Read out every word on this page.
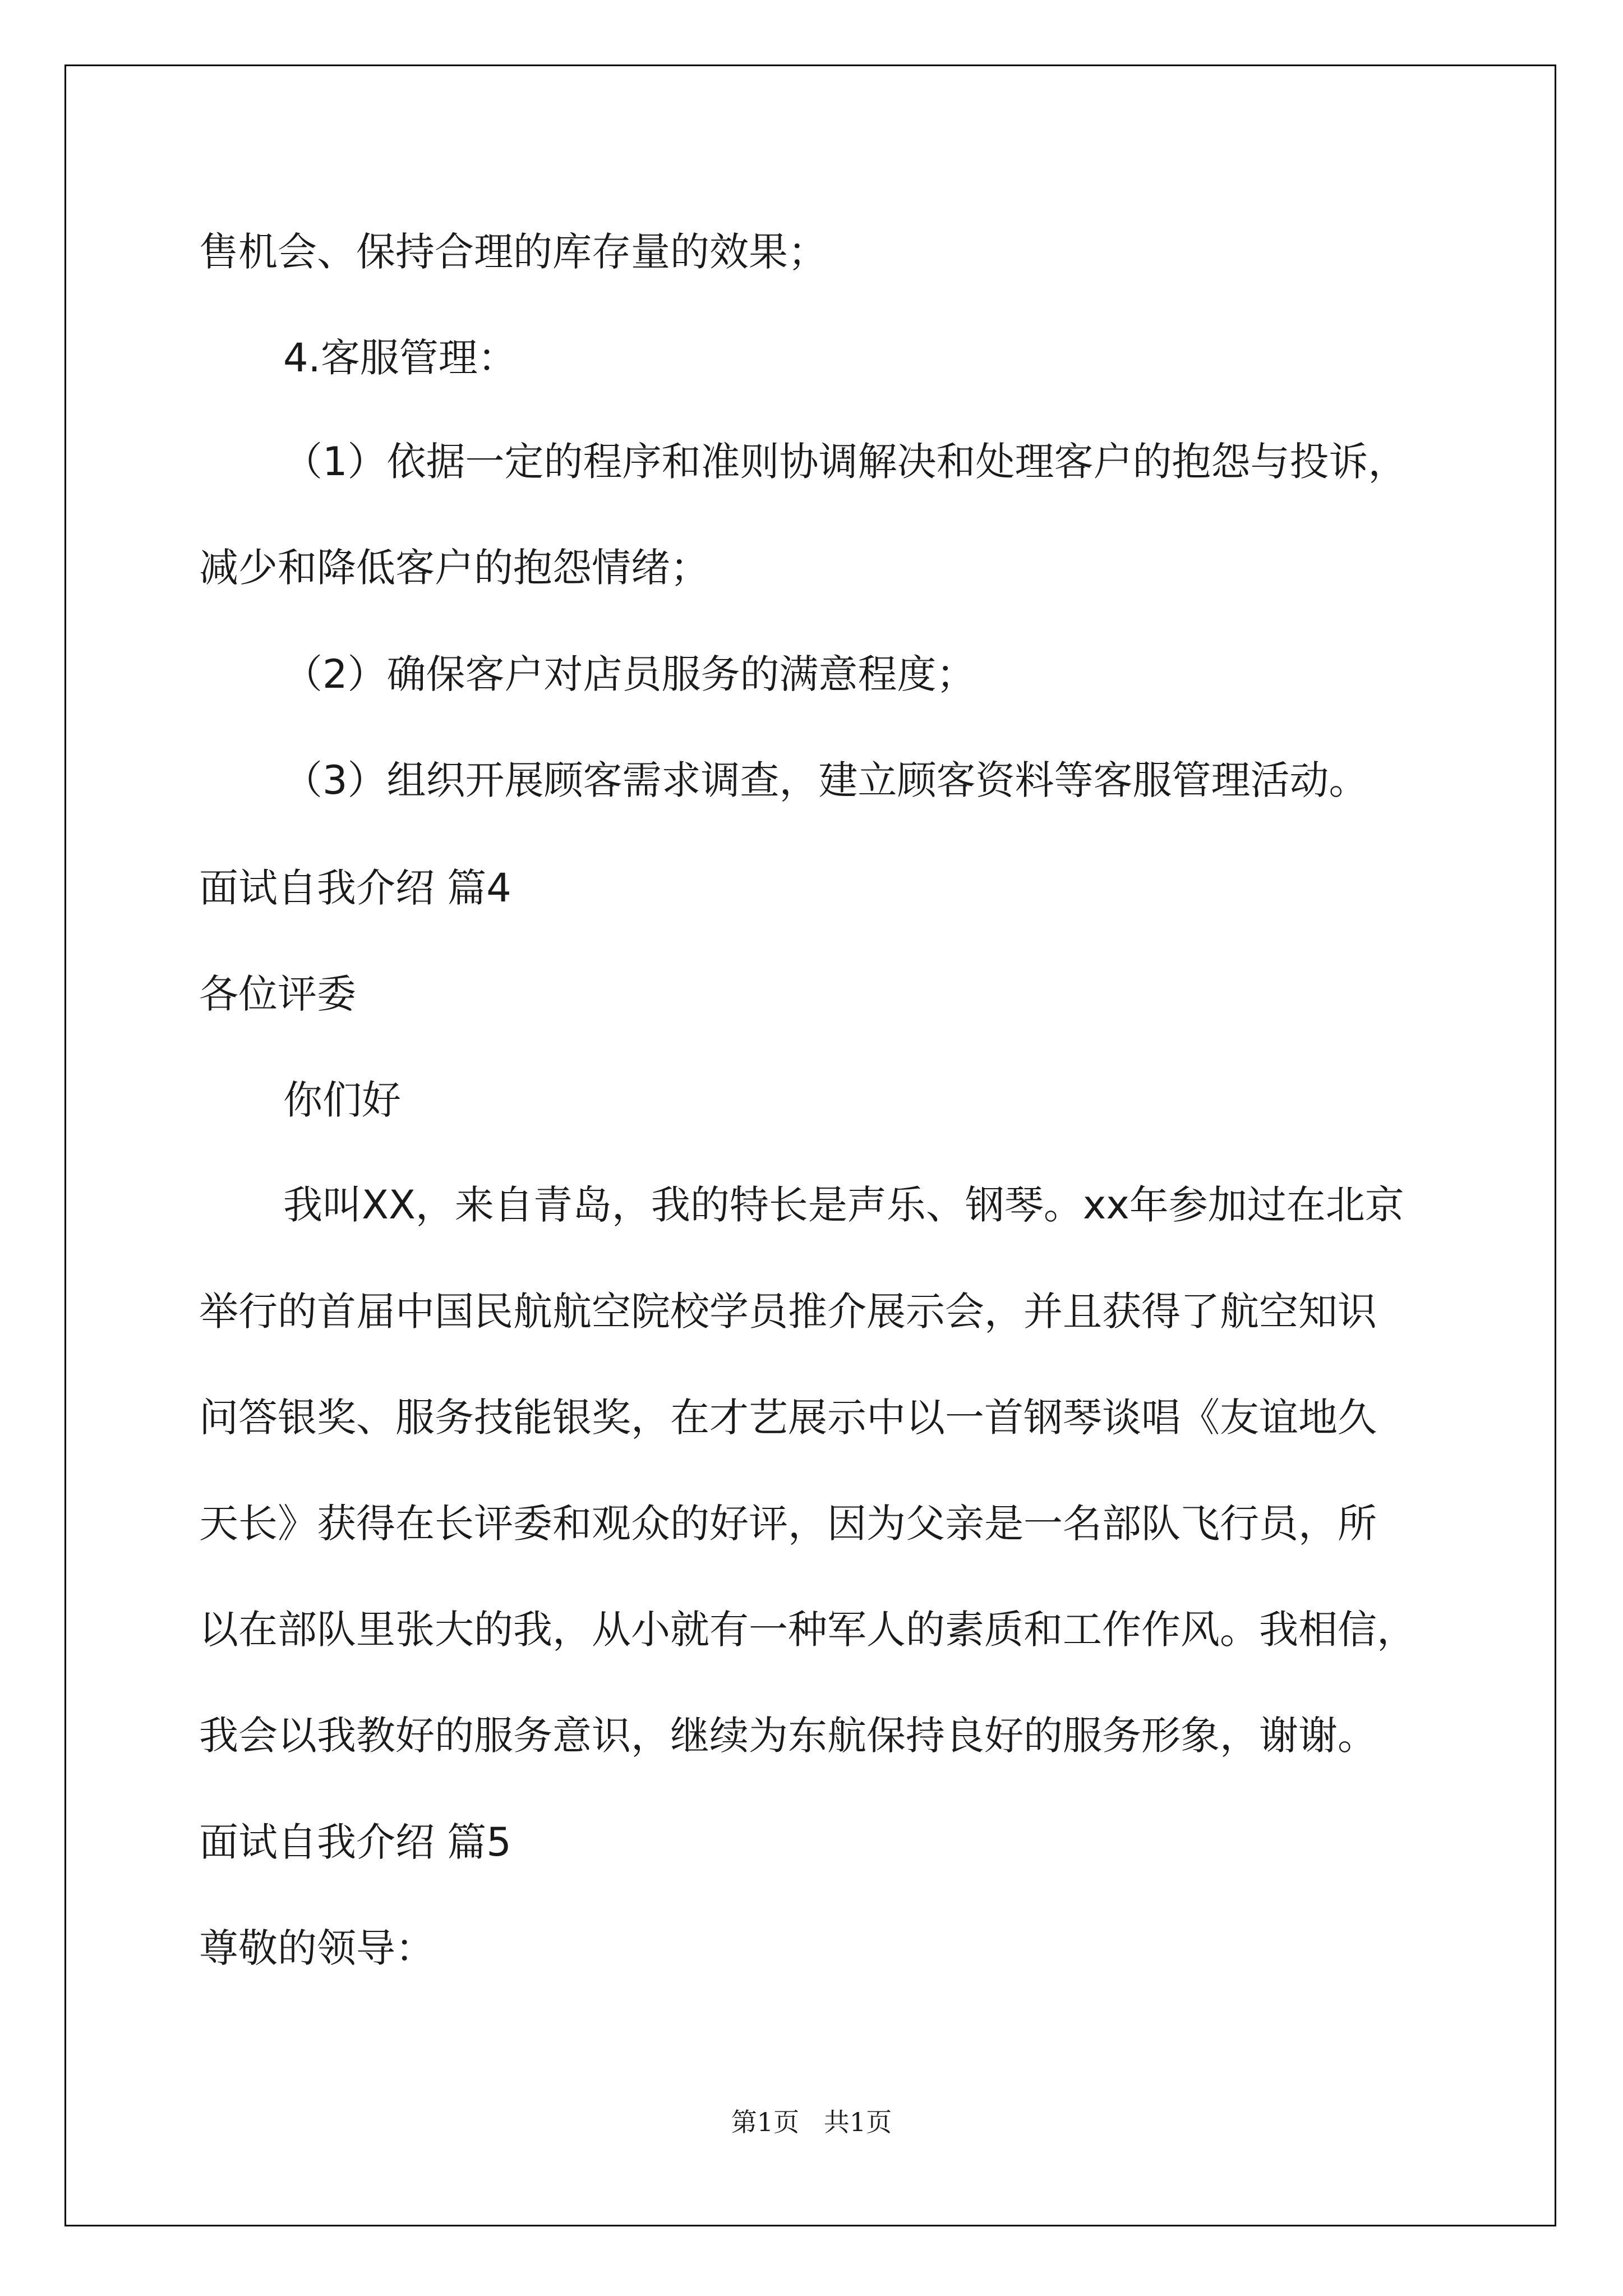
售机会、保持合理的库存量的效果；
4.客服管理：
（1）依据一定的程序和准则协调解决和处理客户的抱怨与投诉，
减少和降低客户的抱怨情绪；
（2）确保客户对店员服务的满意程度；
（3）组织开展顾客需求调查，建立顾客资料等客服管理活动。
面试自我介绍 篇4
各位评委
你们好
我叫XX，来自青岛，我的特长是声乐、钢琴。xx年参加过在北京
举行的首届中国民航航空院校学员推介展示会，并且获得了航空知识
问答银奖、服务技能银奖，在才艺展示中以一首钢琴谈唱《友谊地久
天长》获得在长评委和观众的好评，因为父亲是一名部队飞行员，所
以在部队里张大的我，从小就有一种军人的素质和工作作风。我相信，
我会以我教好的服务意识，继续为东航保持良好的服务形象，谢谢。
面试自我介绍 篇5
尊敬的领导：
第1页   共1页
